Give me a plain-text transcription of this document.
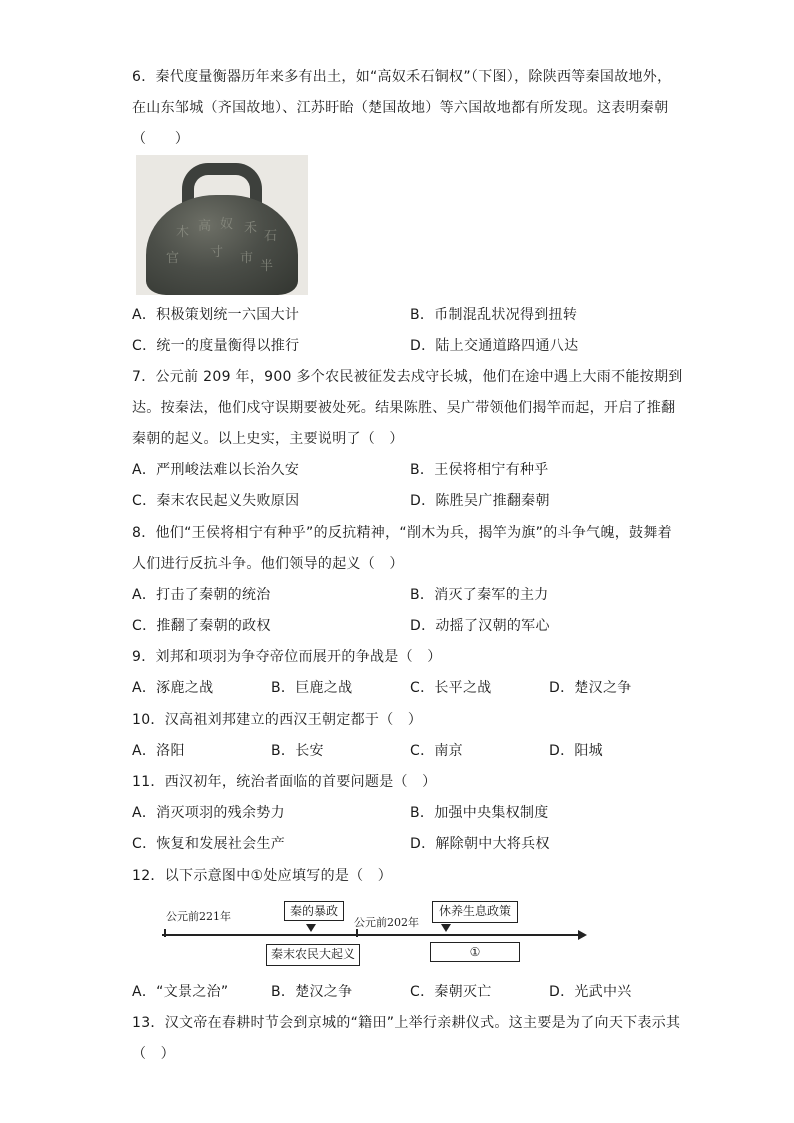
6．秦代度量衡器历年来多有出土，如“高奴禾石铜权”（下图），除陕西等秦国故地外，
在山东邹城（齐国故地）、江苏盱眙（楚国故地）等六国故地都有所发现。这表明秦朝
（　　）
木 高 奴 禾
石
官 寸 市
半
A．积极策划统一六国大计	B．币制混乱状况得到扭转
C．统一的度量衡得以推行	D．陆上交通道路四通八达
7．公元前 209 年，900 多个农民被征发去戍守长城，他们在途中遇上大雨不能按期到
达。按秦法，他们戍守误期要被处死。结果陈胜、吴广带领他们揭竿而起，开启了推翻
秦朝的起义。以上史实，主要说明了（　）
A．严刑峻法难以长治久安	B．王侯将相宁有种乎
C．秦末农民起义失败原因	D．陈胜吴广推翻秦朝
8．他们“王侯将相宁有种乎”的反抗精神，“削木为兵，揭竿为旗”的斗争气魄，鼓舞着
人们进行反抗斗争。他们领导的起义（　）
A．打击了秦朝的统治	B．消灭了秦军的主力
C．推翻了秦朝的政权	D．动摇了汉朝的军心
9．刘邦和项羽为争夺帝位而展开的争战是（　）
A．涿鹿之战	B．巨鹿之战	C．长平之战	D．楚汉之争
10．汉高祖刘邦建立的西汉王朝定都于（　）
A．洛阳	B．长安	C．南京	D．阳城
11．西汉初年，统治者面临的首要问题是（　）
A．消灭项羽的残余势力	B．加强中央集权制度
C．恢复和发展社会生产	D．解除朝中大将兵权
12．以下示意图中①处应填写的是（　）
公元前221年	秦的暴政
公元前202年
休养生息政策
秦末农民大起义	①
A．“文景之治”	B．楚汉之争	C．秦朝灭亡	D．光武中兴
13．汉文帝在春耕时节会到京城的“籍田”上举行亲耕仪式。这主要是为了向天下表示其
（　）
